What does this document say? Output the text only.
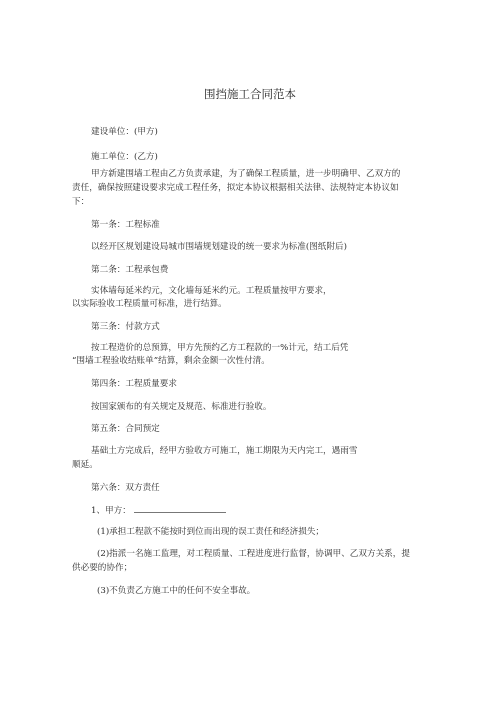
围挡施工合同范本
建设单位：(甲方)
施工单位：(乙方)
甲方新建围墙工程由乙方负责承建，为了确保工程质量，进一步明确甲、乙双方的
责任，确保按照建设要求完成工程任务，拟定本协议根据相关法律、法规特定本协议如
下：
第一条：工程标准
以经开区规划建设局城市围墙规划建设的统一要求为标准(图纸附后)
第二条：工程承包费
实体墙每延米约元，文化墙每延米约元。工程质量按甲方要求，
以实际验收工程质量可标准，进行结算。
第三条：付款方式
按工程造价的总预算，甲方先预约乙方工程款的一%计元，结工后凭
“围墙工程验收结账单”结算，剩余金额一次性付清。
第四条：工程质量要求
按国家颁布的有关规定及规范、标准进行验收。
第五条：合同预定
基础土方完成后，经甲方验收方可施工，施工期限为天内完工，遇雨雪
顺延。
第六条：双方责任
1、甲方：
(1)承担工程款不能按时到位而出现的误工责任和经济损失；
(2)指派一名施工监理，对工程质量、工程进度进行监督，协调甲、乙双方关系，提
供必要的协作；
(3)不负责乙方施工中的任何不安全事故。
